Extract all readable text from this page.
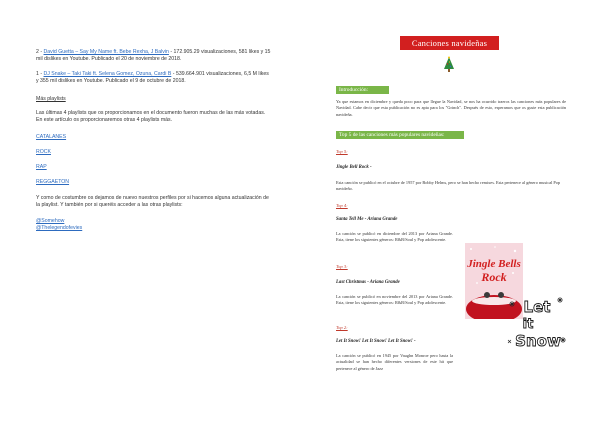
2 - David Guetta – Say My Name ft. Bebe Rexha, J Balvin - 172.905.29 visualizaciones, 581 likes y 15 mil dislikes en Youtube. Publicado el 20 de noviembre de 2018.

1 - DJ Snake – Taki Taki ft. Selena Gomez, Ozuna, Cardi B - 539.664.901 visualizaciones, 6,5 M likes y 355 mil dislikes en Youtube. Publicado el 9 de octubre de 2018.

Más playlists
Las últimas 4 playlists que os proporcionamos en el documento fueron muchas de las más votadas. En este artículo os proporcionaremos otras 4 playlists más.
CATALANES
ROCK
RAP
REGGAETON
Y como de costumbre os dejamos de nuevo nuestros perfiles por si hacemos alguna actualización de la playlist. Y también por si queréis acceder a las otras playlists:
@Somehow
@Thelegendofevies
Canciones navideñas
Introducción:
Ya que estamos en diciembre y queda poco para que llegue la Navidad, se nos ha ocurrido traeros las canciones más populares de Navidad. Cabe decir que esta publicación no es apta para los "Grinch". Después de esto, esperamos que os guste esta publicación navideña.
Top 5 de las canciones más populares navideñas:
Top 5:
Jingle Bell Rock -
Esta canción se publicó en el octubre de 1957 por Bobby Helms, pero se han hecho remixes. Esta pertenece al género musical Pop navideño.
Top 4:
Santa Tell Me - Ariana Grande
La canción se publicó en diciembre del 2013 por Ariana Grande. Esta, tiene los siguientes géneros: R&B/Soul y Pop adolescente.
Top 3:
Last Christmas - Ariana Grande
La canción se publicó en noviembre del 2013 por Ariana Grande. Esta, tiene los siguientes géneros: R&B/Soul y Pop adolescente.
Top 2:
Let It Snow! Let It Snow! Let It Snow! -
La canción se publicó en 1945 por Vaughn Monroe pero hasta la actualidad se han hecho diferentes versiones de este hit que pertenece al género de Jazz
Jingle Bells
Rock
Let
it
Snow
